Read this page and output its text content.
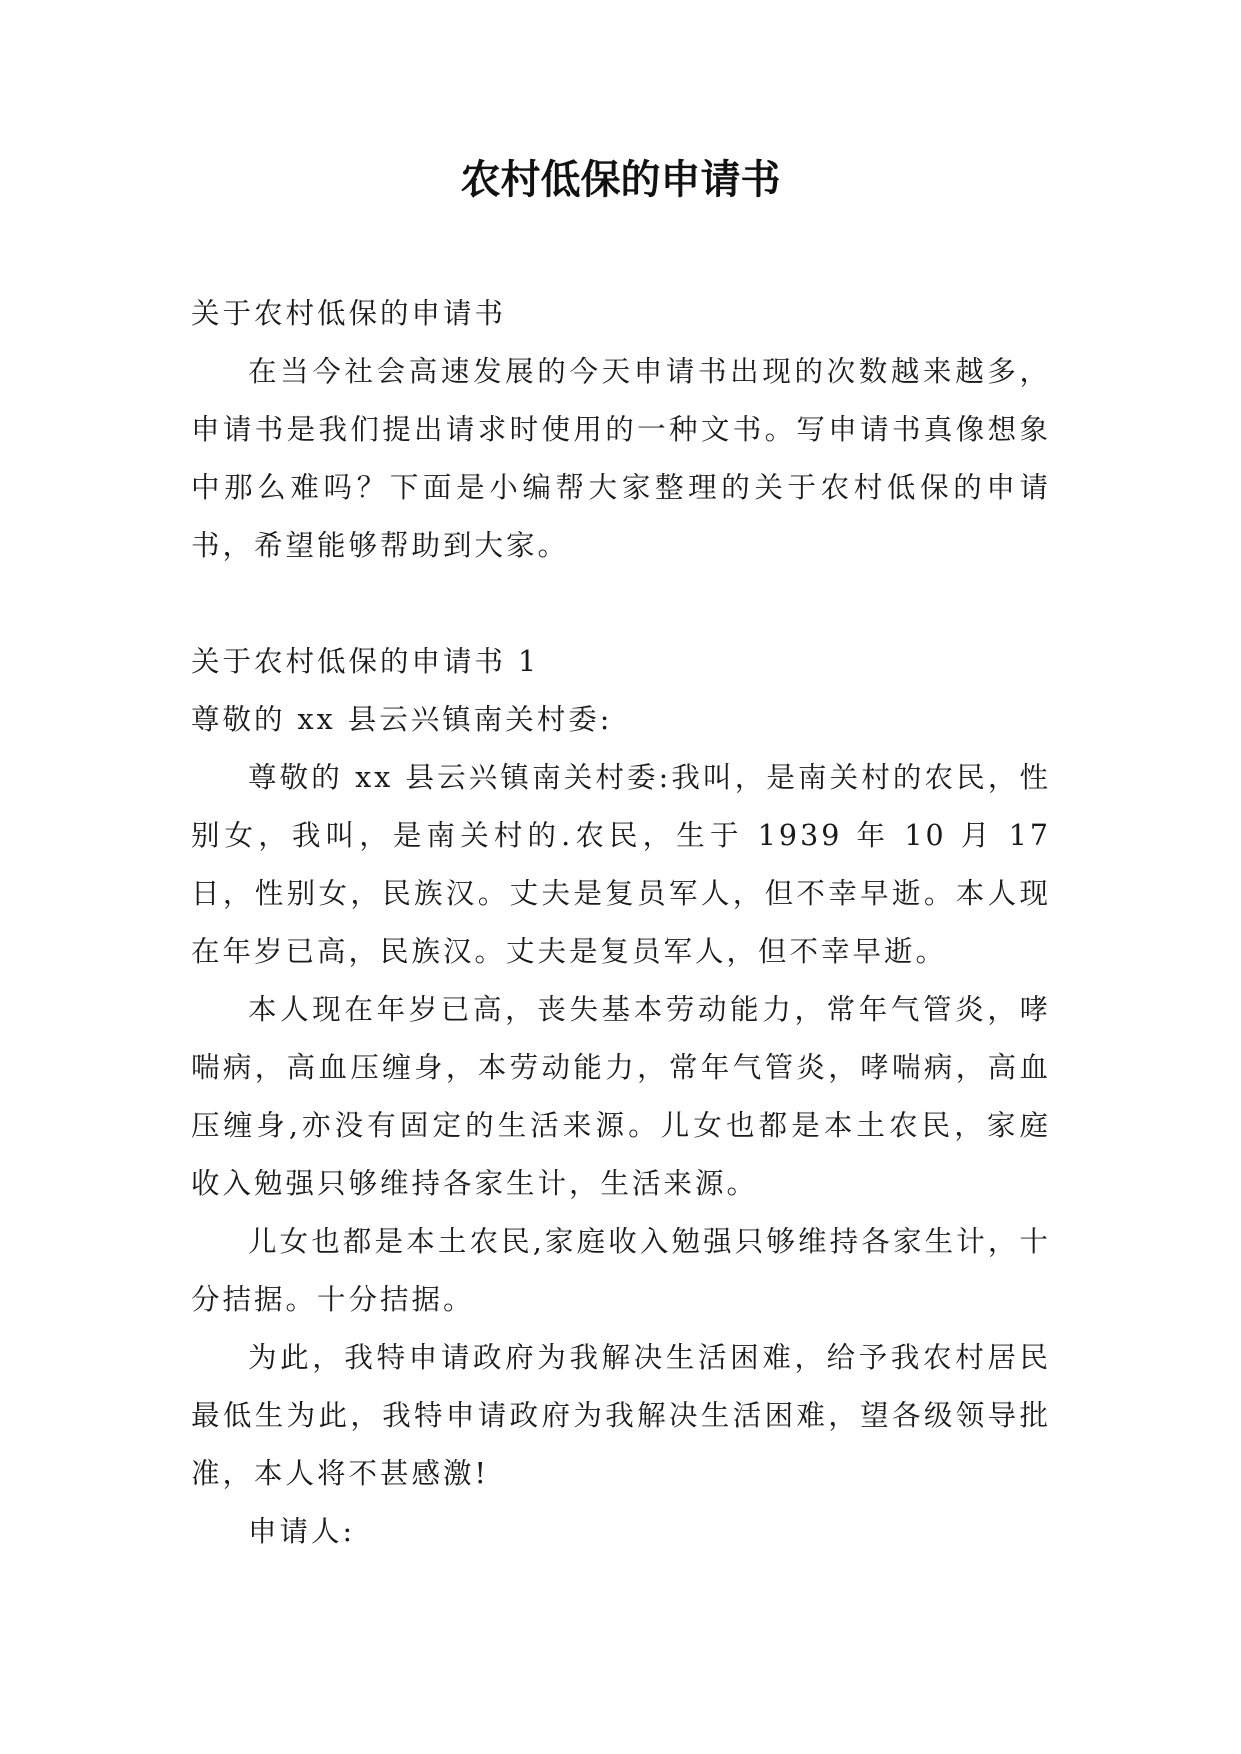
农村低保的申请书

关于农村低保的申请书

在当今社会高速发展的今天申请书出现的次数越来越多，申请书是我们提出请求时使用的一种文书。写申请书真像想象中那么难吗？下面是小编帮大家整理的关于农村低保的申请书，希望能够帮助到大家。

关于农村低保的申请书 1

尊敬的 xx 县云兴镇南关村委:

尊敬的 xx 县云兴镇南关村委:我叫，是南关村的农民，性别女，我叫，是南关村的.农民，生于 1939 年 10 月 17 日，性别女，民族汉。丈夫是复员军人，但不幸早逝。本人现在年岁已高，民族汉。丈夫是复员军人，但不幸早逝。

本人现在年岁已高，丧失基本劳动能力，常年气管炎，哮喘病，高血压缠身，本劳动能力，常年气管炎，哮喘病，高血压缠身,亦没有固定的生活来源。儿女也都是本土农民，家庭收入勉强只够维持各家生计，生活来源。

儿女也都是本土农民,家庭收入勉强只够维持各家生计，十分拮据。十分拮据。

为此，我特申请政府为我解决生活困难，给予我农村居民最低生为此，我特申请政府为我解决生活困难，望各级领导批准，本人将不甚感激!

申请人:
